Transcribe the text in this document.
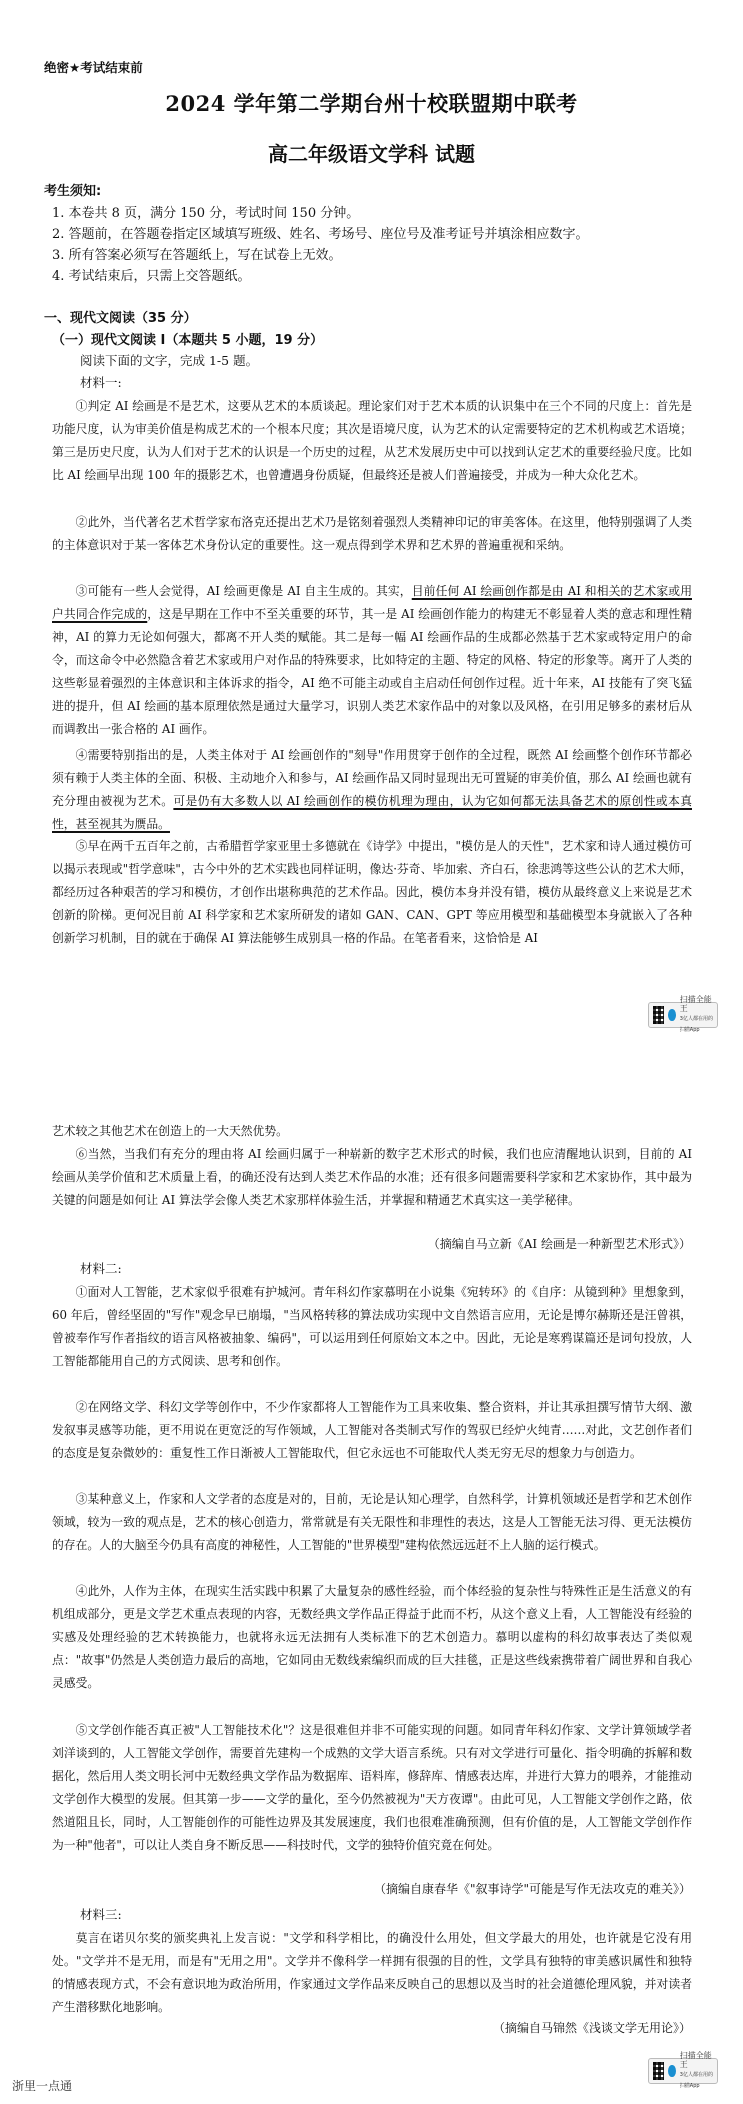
绝密★考试结束前
2024 学年第二学期台州十校联盟期中联考
高二年级语文学科 试题
考生须知:
1. 本卷共 8 页，满分 150 分，考试时间 150 分钟。
2. 答题前，在答题卷指定区域填写班级、姓名、考场号、座位号及准考证号并填涂相应数字。
3. 所有答案必须写在答题纸上，写在试卷上无效。
4. 考试结束后，只需上交答题纸。
一、现代文阅读（35 分）
（一）现代文阅读 I（本题共 5 小题，19 分）
阅读下面的文字，完成 1-5 题。
材料一:
①判定 AI 绘画是不是艺术，这要从艺术的本质谈起。理论家们对于艺术本质的认识集中在三个不同的尺度上：首先是功能尺度，认为审美价值是构成艺术的一个根本尺度；其次是语境尺度，认为艺术的认定需要特定的艺术机构或艺术语境；第三是历史尺度，认为人们对于艺术的认识是一个历史的过程，从艺术发展历史中可以找到认定艺术的重要经验尺度。比如比 AI 绘画早出现 100 年的摄影艺术，也曾遭遇身份质疑，但最终还是被人们普遍接受，并成为一种大众化艺术。
②此外，当代著名艺术哲学家布洛克还提出艺术乃是铭刻着强烈人类精神印记的审美客体。在这里，他特别强调了人类的主体意识对于某一客体艺术身份认定的重要性。这一观点得到学术界和艺术界的普遍重视和采纳。
③可能有一些人会觉得，AI 绘画更像是 AI 自主生成的。其实，目前任何 AI 绘画创作都是由 AI 和相关的艺术家或用户共同合作完成的，这是早期在工作中不至关重要的环节，其一是 AI 绘画创作能力的构建无不彰显着人类的意志和理性精神，AI 的算力无论如何强大，都离不开人类的赋能。其二是每一幅 AI 绘画作品的生成都必然基于艺术家或特定用户的命令，而这命令中必然隐含着艺术家或用户对作品的特殊要求，比如特定的主题、特定的风格、特定的形象等。离开了人类的这些彰显着强烈的主体意识和主体诉求的指令，AI 绝不可能主动或自主启动任何创作过程。近十年来，AI 技能有了突飞猛进的提升，但 AI 绘画的基本原理依然是通过大量学习，识别人类艺术家作品中的对象以及风格，在引用足够多的素材后从而调教出一张合格的 AI 画作。
④需要特别指出的是，人类主体对于 AI 绘画创作的"刻导"作用贯穿于创作的全过程，既然 AI 绘画整个创作环节都必须有赖于人类主体的全面、积极、主动地介入和参与，AI 绘画作品又同时显现出无可置疑的审美价值，那么 AI 绘画也就有充分理由被视为艺术。可是仍有大多数人以 AI 绘画创作的模仿机理为理由，认为它如何都无法具备艺术的原创性或本真性，甚至视其为赝品。
⑤早在两千五百年之前，古希腊哲学家亚里士多德就在《诗学》中提出，"模仿是人的天性"，艺术家和诗人通过模仿可以揭示表现或"哲学意味"，古今中外的艺术实践也同样证明，像达·芬奇、毕加索、齐白石，徐悲鸿等这些公认的艺术大师，都经历过各种艰苦的学习和模仿，才创作出堪称典范的艺术作品。因此，模仿本身并没有错，模仿从最终意义上来说是艺术创新的阶梯。更何况目前 AI 科学家和艺术家所研发的诸如 GAN、CAN、GPT 等应用模型和基础模型本身就嵌入了各种创新学习机制，目的就在于确保 AI 算法能够生成别具一格的作品。在笔者看来，这恰恰是 AI
扫描全能王
3亿人都在用的扫描App
艺术较之其他艺术在创造上的一大天然优势。
⑥当然，当我们有充分的理由将 AI 绘画归属于一种崭新的数字艺术形式的时候，我们也应清醒地认识到，目前的 AI 绘画从美学价值和艺术质量上看，的确还没有达到人类艺术作品的水准；还有很多问题需要科学家和艺术家协作，其中最为关键的问题是如何让 AI 算法学会像人类艺术家那样体验生活，并掌握和精通艺术真实这一美学秘律。
（摘编自马立新《AI 绘画是一种新型艺术形式》）
材料二:
①面对人工智能，艺术家似乎很难有护城河。青年科幻作家慕明在小说集《宛转环》的《自序：从镜到种》里想象到，60 年后，曾经坚固的"写作"观念早已崩塌，"当风格转移的算法成功实现中文自然语言应用，无论是博尔赫斯还是汪曾祺，曾被奉作写作者指纹的语言风格被抽象、编码"，可以运用到任何原始文本之中。因此，无论是寒鸦谋篇还是词句投放，人工智能都能用自己的方式阅读、思考和创作。
②在网络文学、科幻文学等创作中，不少作家都将人工智能作为工具来收集、整合资料，并让其承担撰写情节大纲、激发叙事灵感等功能，更不用说在更宽泛的写作领域，人工智能对各类制式写作的驾驭已经炉火纯青……对此，文艺创作者们的态度是复杂微妙的：重复性工作日渐被人工智能取代，但它永远也不可能取代人类无穷无尽的想象力与创造力。
③某种意义上，作家和人文学者的态度是对的，目前，无论是认知心理学，自然科学，计算机领域还是哲学和艺术创作领域，较为一致的观点是，艺术的核心创造力，常常就是有关无限性和非理性的表达，这是人工智能无法习得、更无法模仿的存在。人的大脑至今仍具有高度的神秘性，人工智能的"世界模型"建构依然远远赶不上人脑的运行模式。
④此外，人作为主体，在现实生活实践中积累了大量复杂的感性经验，而个体经验的复杂性与特殊性正是生活意义的有机组成部分，更是文学艺术重点表现的内容，无数经典文学作品正得益于此而不朽，从这个意义上看，人工智能没有经验的实感及处理经验的艺术转换能力，也就将永远无法拥有人类标准下的艺术创造力。慕明以虚构的科幻故事表达了类似观点："故事"仍然是人类创造力最后的高地，它如同由无数线索编织而成的巨大挂毯，正是这些线索携带着广阔世界和自我心灵感受。
⑤文学创作能否真正被"人工智能技术化"？这是很难但并非不可能实现的问题。如同青年科幻作家、文学计算领域学者刘洋谈到的，人工智能文学创作，需要首先建构一个成熟的文学大语言系统。只有对文学进行可量化、指令明确的拆解和数据化，然后用人类文明长河中无数经典文学作品为数据库、语料库，修辞库、情感表达库，并进行大算力的喂养，才能推动文学创作大模型的发展。但其第一步——文学的量化，至今仍然被视为"天方夜谭"。由此可见，人工智能文学创作之路，依然道阻且长，同时，人工智能创作的可能性边界及其发展速度，我们也很难准确预测，但有价值的是，人工智能文学创作作为一种"他者"，可以让人类自身不断反思——科技时代，文学的独特价值究竟在何处。
（摘编自康春华《"叙事诗学"可能是写作无法攻克的难关》）
材料三:
莫言在诺贝尔奖的颁奖典礼上发言说："文学和科学相比，的确没什么用处，但文学最大的用处，也许就是它没有用处。"文学并不是无用，而是有"无用之用"。文学并不像科学一样拥有很强的目的性，文学具有独特的审美感识属性和独特的情感表现方式，不会有意识地为政治所用，作家通过文学作品来反映自己的思想以及当时的社会道德伦理风貌，并对读者产生潜移默化地影响。
（摘编自马锦然《浅谈文学无用论》）
扫描全能王
3亿人都在用的扫描App
浙里一点通
